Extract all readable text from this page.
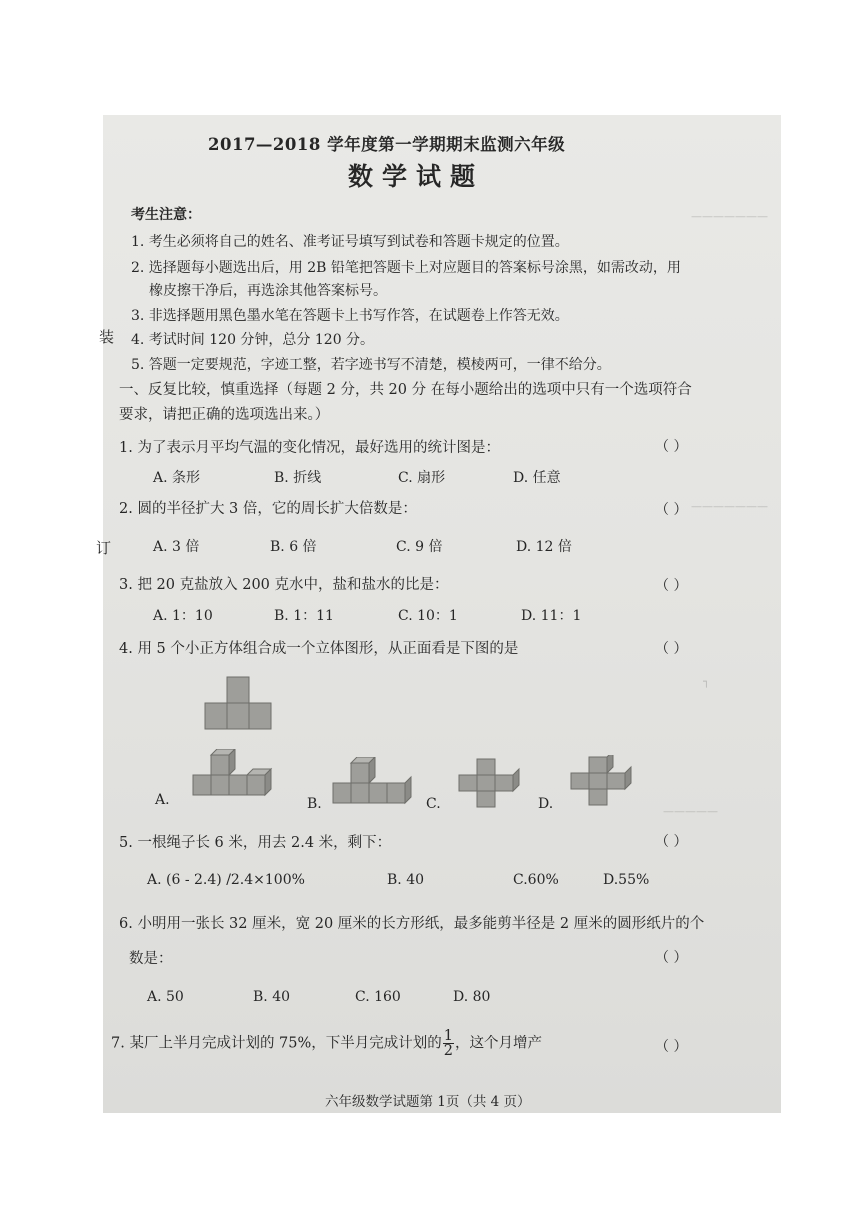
———————
———————
┐
—————
2017—2018 学年度第一学期期末监测六年级
数学试题
考生注意：
1. 考生必须将自己的姓名、准考证号填写到试卷和答题卡规定的位置。
2. 选择题每小题选出后，用 2B 铅笔把答题卡上对应题目的答案标号涂黑，如需改动，用
橡皮擦干净后，再选涂其他答案标号。
3. 非选择题用黑色墨水笔在答题卡上书写作答，在试题卷上作答无效。
4. 考试时间 120 分钟，总分 120 分。
5. 答题一定要规范，字迹工整，若字迹书写不清楚，模棱两可，一律不给分。
一、反复比较，慎重选择（每题 2 分，共 20 分 在每小题给出的选项中只有一个选项符合
要求，请把正确的选项选出来。）
1. 为了表示月平均气温的变化情况，最好选用的统计图是：	（ ）
A. 条形	B. 折线	C. 扇形	D. 任意
2. 圆的半径扩大 3 倍，它的周长扩大倍数是：	（ ）
A. 3 倍	B. 6 倍	C. 9 倍	D. 12 倍
3. 把 20 克盐放入 200 克水中，盐和盐水的比是：	（ ）
A. 1：10	B. 1：11	C. 10：1	D. 11：1
4. 用 5 个小正方体组合成一个立体图形，从正面看是下图的是	（ ）
A.	B.	C.	D.
5. 一根绳子长 6 米，用去 2.4 米，剩下：	（ ）
A. (6 - 2.4) /2.4×100%	B. 40	C.60%	D.55%
6. 小明用一张长 32 厘米，宽 20 厘米的长方形纸，最多能剪半径是 2 厘米的圆形纸片的个
数是：	（ ）
A. 50	B. 40	C. 160	D. 80
7. 某厂上半月完成计划的 75%，下半月完成计划的 $\frac{1}{2}$ ，这个月增产	（ ）
六年级数学试题第 1页（共 4 页）
装
订
